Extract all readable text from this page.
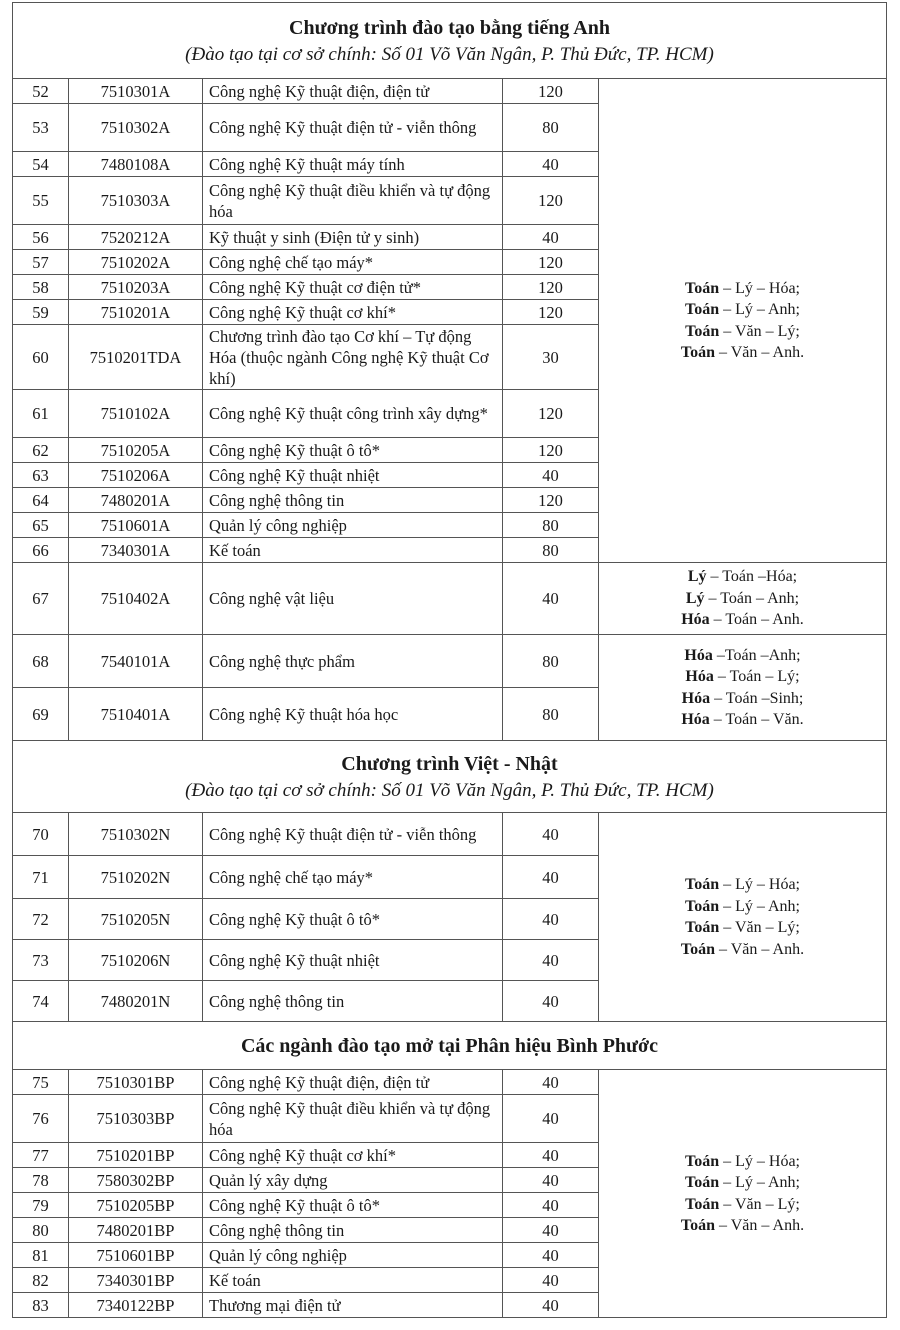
Chương trình đào tạo bằng tiếng Anh
(Đào tạo tại cơ sở chính: Số 01 Võ Văn Ngân, P. Thủ Đức, TP. HCM)				

52	7510301A	Công nghệ Kỹ thuật điện, điện tử	120	Toán – Lý – Hóa;
Toán – Lý – Anh;
Toán – Văn – Lý;
Toán – Văn – Anh.

53	7510302A	Công nghệ Kỹ thuật điện tử - viễn thông	80	
54	7480108A	Công nghệ Kỹ thuật máy tính	40	
55	7510303A	Công nghệ Kỹ thuật điều khiển và tự động hóa	120	
56	7520212A	Kỹ thuật y sinh (Điện tử y sinh)	40	
57	7510202A	Công nghệ chế tạo máy*	120	
58	7510203A	Công nghệ Kỹ thuật cơ điện tử*	120	
59	7510201A	Công nghệ Kỹ thuật cơ khí*	120	
60	7510201TDA	Chương trình đào tạo Cơ khí – Tự động Hóa (thuộc ngành Công nghệ Kỹ thuật Cơ khí)	30	
61	7510102A	Công nghệ Kỹ thuật công trình xây dựng*	120	
62	7510205A	Công nghệ Kỹ thuật ô tô*	120	
63	7510206A	Công nghệ Kỹ thuật nhiệt	40	
64	7480201A	Công nghệ thông tin	120	
65	7510601A	Quản lý công nghiệp	80	
66	7340301A	Kế toán	80	
67	7510402A	Công nghệ vật liệu	40	Lý – Toán –Hóa;
Lý – Toán – Anh;
Hóa – Toán – Anh.

68	7540101A	Công nghệ thực phẩm	80	Hóa –Toán –Anh;
Hóa – Toán – Lý;
Hóa – Toán –Sinh;
Hóa – Toán – Văn.

69	7510401A	Công nghệ Kỹ thuật hóa học	80	

Chương trình Việt - Nhật
(Đào tạo tại cơ sở chính: Số 01 Võ Văn Ngân, P. Thủ Đức, TP. HCM)				

70	7510302N	Công nghệ Kỹ thuật điện tử - viễn thông	40	Toán – Lý – Hóa;
Toán – Lý – Anh;
Toán – Văn – Lý;
Toán – Văn – Anh.

71	7510202N	Công nghệ chế tạo máy*	40	
72	7510205N	Công nghệ Kỹ thuật ô tô*	40	
73	7510206N	Công nghệ Kỹ thuật nhiệt	40	
74	7480201N	Công nghệ thông tin	40	

Các ngành đào tạo mở tại Phân hiệu Bình Phước				

75	7510301BP	Công nghệ Kỹ thuật điện, điện tử	40	Toán – Lý – Hóa;
Toán – Lý – Anh;
Toán – Văn – Lý;
Toán – Văn – Anh.

76	7510303BP	Công nghệ Kỹ thuật điều khiển và tự động hóa	40	
77	7510201BP	Công nghệ Kỹ thuật cơ khí*	40	
78	7580302BP	Quản lý xây dựng	40	
79	7510205BP	Công nghệ Kỹ thuật ô tô*	40	
80	7480201BP	Công nghệ thông tin	40	
81	7510601BP	Quản lý công nghiệp	40	
82	7340301BP	Kế toán	40	
83	7340122BP	Thương mại điện tử	40	
